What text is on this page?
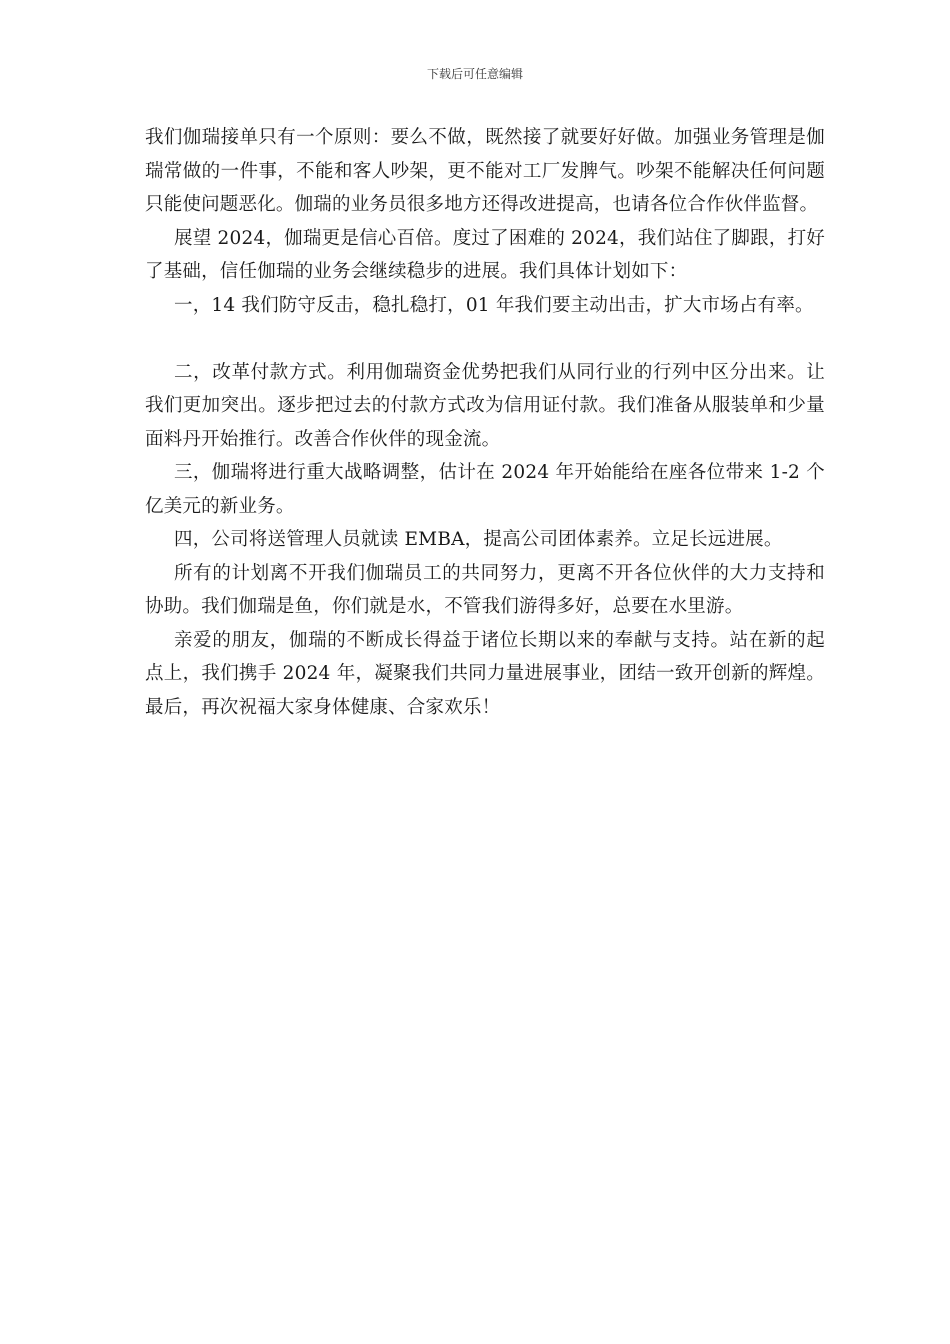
下载后可任意编辑

我们伽瑞接单只有一个原则：要么不做，既然接了就要好好做。加强业务管理是伽瑞常做的一件事，不能和客人吵架，更不能对工厂发脾气。吵架不能解决任何问题只能使问题恶化。伽瑞的业务员很多地方还得改进提高，也请各位合作伙伴监督。

展望 2024，伽瑞更是信心百倍。度过了困难的 2024，我们站住了脚跟，打好了基础，信任伽瑞的业务会继续稳步的进展。我们具体计划如下：

一，14 我们防守反击，稳扎稳打，01 年我们要主动出击，扩大市场占有率。

二，改革付款方式。利用伽瑞资金优势把我们从同行业的行列中区分出来。让我们更加突出。逐步把过去的付款方式改为信用证付款。我们准备从服装单和少量面料丹开始推行。改善合作伙伴的现金流。

三，伽瑞将进行重大战略调整，估计在 2024 年开始能给在座各位带来 1-2 个亿美元的新业务。

四，公司将送管理人员就读 EMBA，提高公司团体素养。立足长远进展。

所有的计划离不开我们伽瑞员工的共同努力，更离不开各位伙伴的大力支持和协助。我们伽瑞是鱼，你们就是水，不管我们游得多好，总要在水里游。

亲爱的朋友，伽瑞的不断成长得益于诸位长期以来的奉献与支持。站在新的起点上，我们携手 2024 年，凝聚我们共同力量进展事业，团结一致开创新的辉煌。最后，再次祝福大家身体健康、合家欢乐！
